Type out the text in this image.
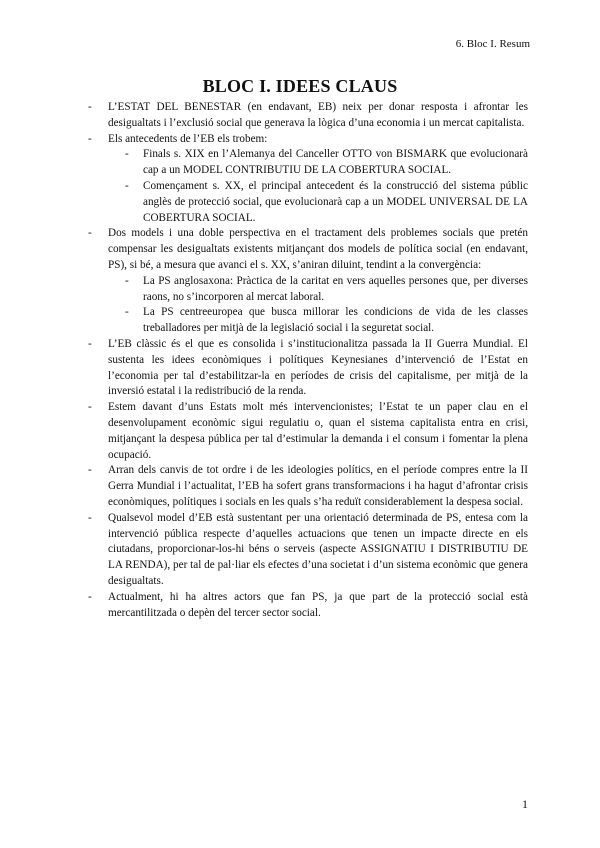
6. Bloc I. Resum
BLOC I. IDEES CLAUS
- L’ESTAT DEL BENESTAR (en endavant, EB) neix per donar resposta i afrontar les desigualtats i l’exclusió social que generava la lògica d’una economia i un mercat capitalista.
- Els antecedents de l’EB els trobem:
- Finals s. XIX en l’Alemanya del Canceller OTTO von BISMARK que evolucionarà cap a un MODEL CONTRIBUTIU DE LA COBERTURA SOCIAL.
- Començament s. XX, el principal antecedent és la construcció del sistema públic anglès de protecció social, que evolucionarà cap a un MODEL UNIVERSAL DE LA COBERTURA SOCIAL.
- Dos models i una doble perspectiva en el tractament dels problemes socials que pretén compensar les desigualtats existents mitjançant dos models de política social (en endavant, PS), si bé, a mesura que avanci el s. XX, s’aniran diluint, tendint a la convergència:
- La PS anglosaxona: Pràctica de la caritat en vers aquelles persones que, per diverses raons, no s’incorporen al mercat laboral.
- La PS centreeuropea que busca millorar les condicions de vida de les classes treballadores per mitjà de la legislació social i la seguretat social.
- L’EB clàssic és el que es consolida i s’institucionalitza passada la II Guerra Mundial. El sustenta les idees econòmiques i polítiques Keynesianes d’intervenció de l’Estat en l’economia per tal d’estabilitzar-la en períodes de crisis del capitalisme, per mitjà de la inversió estatal i la redistribució de la renda.
- Estem davant d’uns Estats molt més intervencionistes; l’Estat te un paper clau en el desenvolupament econòmic sigui regulatiu o, quan el sistema capitalista entra en crisi, mitjançant la despesa pública per tal d’estimular la demanda i el consum i fomentar la plena ocupació.
- Arran dels canvis de tot ordre i de les ideologies polítics, en el període compres entre la II Gerra Mundial i l’actualitat, l’EB ha sofert grans transformacions i ha hagut d’afrontar crisis econòmiques, polítiques i socials en les quals s’ha reduït considerablement la despesa social.
- Qualsevol model d’EB està sustentant per una orientació determinada de PS, entesa com la intervenció pública respecte d’aquelles actuacions que tenen un impacte directe en els ciutadans, proporcionar-los-hi béns o serveis (aspecte ASSIGNATIU I DISTRIBUTIU DE LA RENDA), per tal de pal·liar els efectes d’una societat i d’un sistema econòmic que genera desigualtats.
- Actualment, hi ha altres actors que fan PS, ja que part de la protecció social està mercantilitzada o depèn del tercer sector social.
1
